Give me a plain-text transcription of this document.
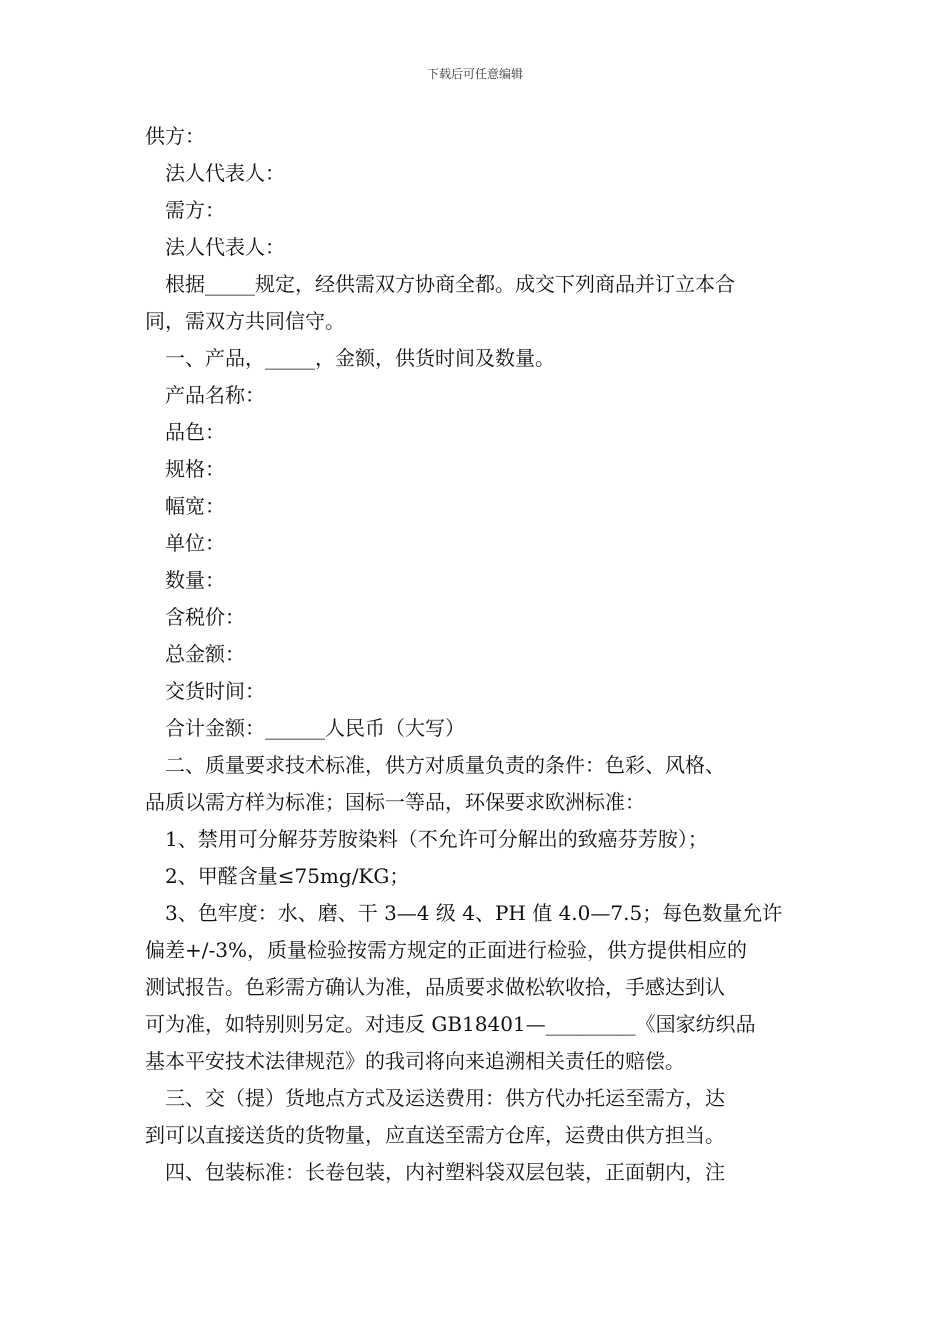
下载后可任意编辑

供方：

法人代表人：

需方：

法人代表人：

根据_____规定，经供需双方协商全都。成交下列商品并订立本合

同，需双方共同信守。

一、产品，_____，金额，供货时间及数量。

产品名称：

品色：

规格：

幅宽：

单位：

数量：

含税价：

总金额：

交货时间：

合计金额：______人民币（大写）

二、质量要求技术标准，供方对质量负责的条件：色彩、风格、

品质以需方样为标准；国标一等品，环保要求欧洲标准：

1、禁用可分解芬芳胺染料（不允许可分解出的致癌芬芳胺）；

2、甲醛含量≤75mg/KG；

3、色牢度：水、磨、干 3—4 级 4、PH 值 4.0—7.5；每色数量允许

偏差+/-3%，质量检验按需方规定的正面进行检验，供方提供相应的

测试报告。色彩需方确认为准，品质要求做松软收拾，手感达到认

可为准，如特别则另定。对违反 GB18401—_________《国家纺织品

基本平安技术法律规范》的我司将向来追溯相关责任的赔偿。

三、交（提）货地点方式及运送费用：供方代办托运至需方，达

到可以直接送货的货物量，应直送至需方仓库，运费由供方担当。

四、包装标准：长卷包装，内衬塑料袋双层包装，正面朝内，注
